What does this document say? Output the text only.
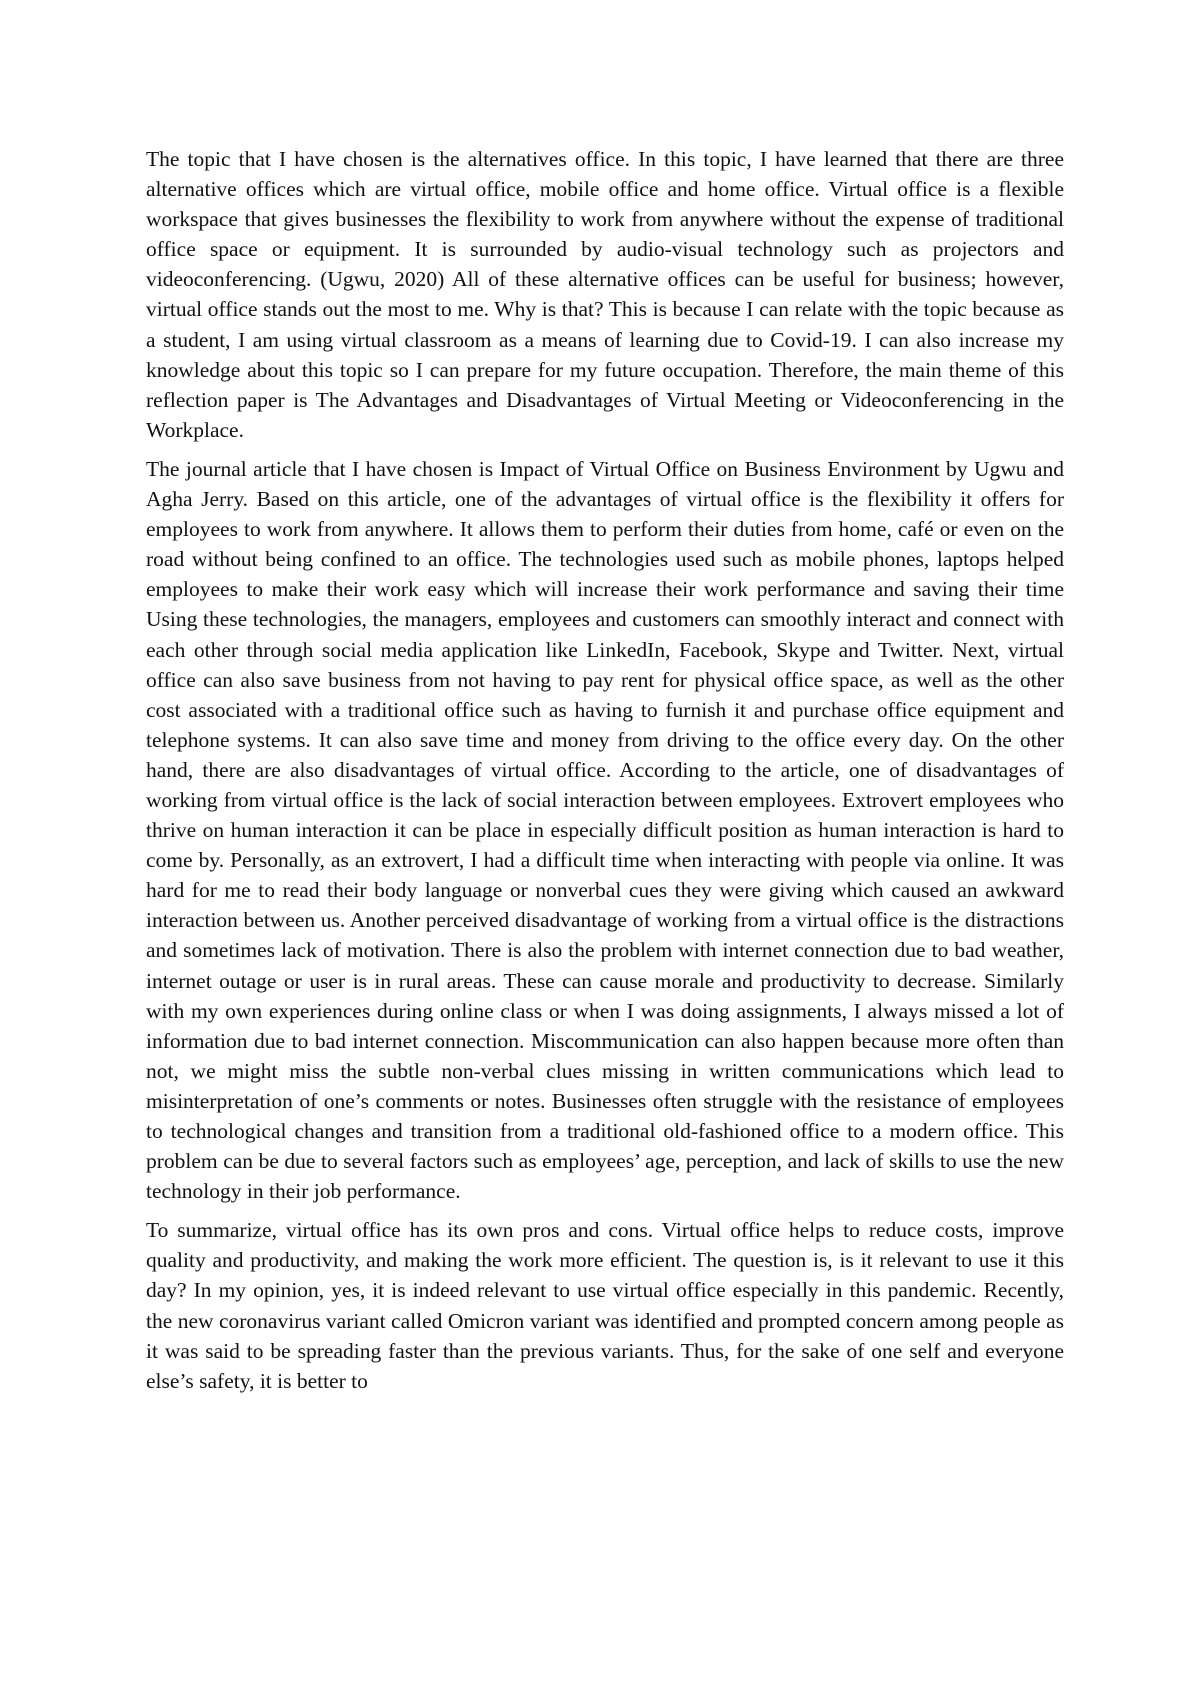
The topic that I have chosen is the alternatives office. In this topic, I have learned that there are three alternative offices which are virtual office, mobile office and home office. Virtual office is a flexible workspace that gives businesses the flexibility to work from anywhere without the expense of traditional office space or equipment. It is surrounded by audio-visual technology such as projectors and videoconferencing. (Ugwu, 2020) All of these alternative offices can be useful for business; however, virtual office stands out the most to me. Why is that? This is because I can relate with the topic because as a student, I am using virtual classroom as a means of learning due to Covid-19. I can also increase my knowledge about this topic so I can prepare for my future occupation. Therefore, the main theme of this reflection paper is The Advantages and Disadvantages of Virtual Meeting or Videoconferencing in the Workplace.

The journal article that I have chosen is Impact of Virtual Office on Business Environment by Ugwu and Agha Jerry. Based on this article, one of the advantages of virtual office is the flexibility it offers for employees to work from anywhere. It allows them to perform their duties from home, café or even on the road without being confined to an office. The technologies used such as mobile phones, laptops helped employees to make their work easy which will increase their work performance and saving their time Using these technologies, the managers, employees and customers can smoothly interact and connect with each other through social media application like LinkedIn, Facebook, Skype and Twitter. Next, virtual office can also save business from not having to pay rent for physical office space, as well as the other cost associated with a traditional office such as having to furnish it and purchase office equipment and telephone systems. It can also save time and money from driving to the office every day. On the other hand, there are also disadvantages of virtual office. According to the article, one of disadvantages of working from virtual office is the lack of social interaction between employees. Extrovert employees who thrive on human interaction it can be place in especially difficult position as human interaction is hard to come by. Personally, as an extrovert, I had a difficult time when interacting with people via online. It was hard for me to read their body language or nonverbal cues they were giving which caused an awkward interaction between us. Another perceived disadvantage of working from a virtual office is the distractions and sometimes lack of motivation. There is also the problem with internet connection due to bad weather, internet outage or user is in rural areas. These can cause morale and productivity to decrease. Similarly with my own experiences during online class or when I was doing assignments, I always missed a lot of information due to bad internet connection. Miscommunication can also happen because more often than not, we might miss the subtle non-verbal clues missing in written communications which lead to misinterpretation of one’s comments or notes. Businesses often struggle with the resistance of employees to technological changes and transition from a traditional old-fashioned office to a modern office. This problem can be due to several factors such as employees’ age, perception, and lack of skills to use the new technology in their job performance.

To summarize, virtual office has its own pros and cons. Virtual office helps to reduce costs, improve quality and productivity, and making the work more efficient. The question is, is it relevant to use it this day? In my opinion, yes, it is indeed relevant to use virtual office especially in this pandemic. Recently, the new coronavirus variant called Omicron variant was identified and prompted concern among people as it was said to be spreading faster than the previous variants. Thus, for the sake of one self and everyone else’s safety, it is better to
